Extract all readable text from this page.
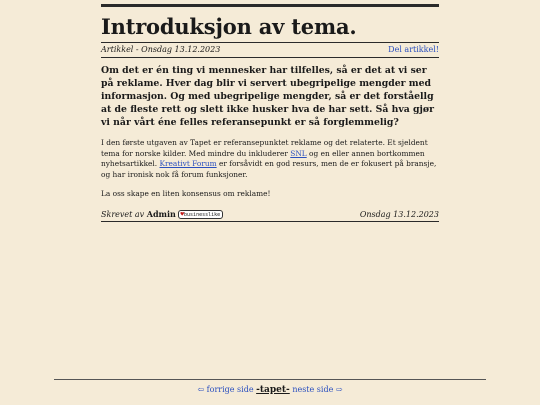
Introduksjon av tema.
Artikkel - Onsdag 13.12.2023	Del artikkel!

Om det er én ting vi mennesker har tilfelles, så er det at vi ser på reklame. Hver dag blir vi servert ubegripelige mengder med informasjon. Og med ubegripelige mengder, så er det forståellg at de fleste rett og slett ikke husker hva de har sett. Så hva gjør vi når vårt éne felles referansepunkt er så forglemmelig?

I den første utgaven av Tapet er referansepunktet reklame og det relaterte. Et sjeldent tema for norske kilder. Med mindre du inkluderer SNL og en eller annen bortkommen nyhetsartikkel. Kreativt Forum er forsåvidt en god resurs, men de er fokusert på bransje, og har ironisk nok få forum funksjoner.

La oss skape en liten konsensus om reklame!

Skrevet av Admin ♥businesslike	Onsdag 13.12.2023
⇦ forrige side -tapet- neste side ⇨
